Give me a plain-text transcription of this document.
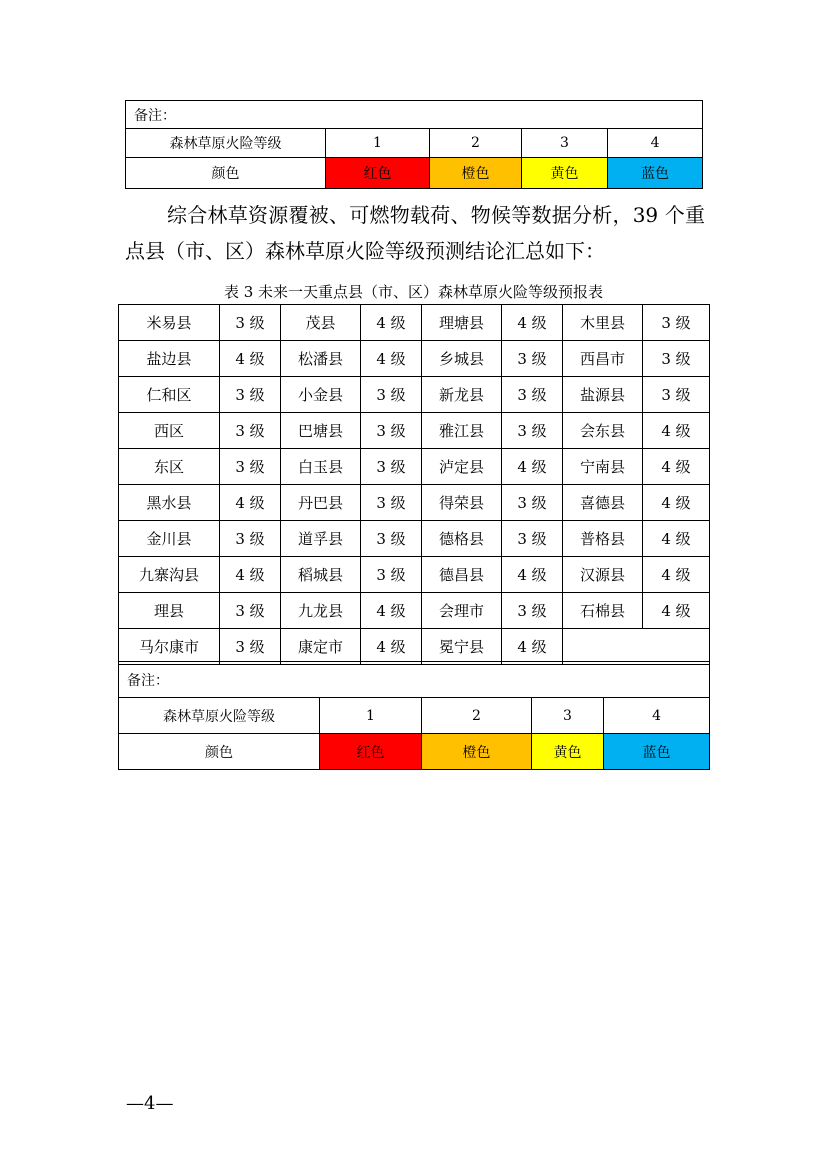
备注：				
森林草原火险等级	1	2	3	4
颜色	红色	橙色	黄色	蓝色

综合林草资源覆被、可燃物载荷、物候等数据分析，39 个重点县（市、区）森林草原火险等级预测结论汇总如下：

表 3 未来一天重点县（市、区）森林草原火险等级预报表

米易县	3 级	茂县	4 级	理塘县	4 级	木里县	3 级
盐边县	4 级	松潘县	4 级	乡城县	3 级	西昌市	3 级
仁和区	3 级	小金县	3 级	新龙县	3 级	盐源县	3 级
西区	3 级	巴塘县	3 级	雅江县	3 级	会东县	4 级
东区	3 级	白玉县	3 级	泸定县	4 级	宁南县	4 级
黑水县	4 级	丹巴县	3 级	得荣县	3 级	喜德县	4 级
金川县	3 级	道孚县	3 级	德格县	3 级	普格县	4 级
九寨沟县	4 级	稻城县	3 级	德昌县	4 级	汉源县	4 级
理县	3 级	九龙县	4 级	会理市	3 级	石棉县	4 级
马尔康市	3 级	康定市	4 级	冕宁县	4 级		
备注：				
森林草原火险等级	1	2	3	4
颜色	红色	橙色	黄色	蓝色
—4—
